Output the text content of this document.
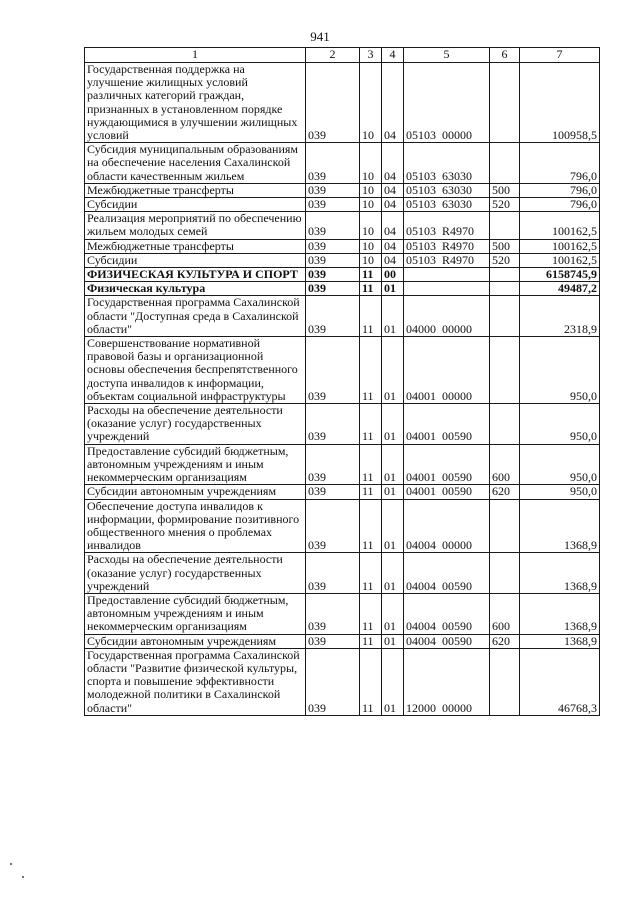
941
1	2	3	4	5	6	7
Государственная поддержка на улучшение жилищных условий различных категорий граждан, признанных в установленном порядке нуждающимися в улучшении жилищных условий	039	10	04	05103  00000		100958,5
Субсидия муниципальным образованиям на обеспечение населения Сахалинской области качественным жильем	039	10	04	05103  63030		796,0
Межбюджетные трансферты	039	10	04	05103  63030	500	796,0
Субсидии	039	10	04	05103  63030	520	796,0
Реализация мероприятий по обеспечению жильем молодых семей	039	10	04	05103  R4970		100162,5
Межбюджетные трансферты	039	10	04	05103  R4970	500	100162,5
Субсидии	039	10	04	05103  R4970	520	100162,5
ФИЗИЧЕСКАЯ КУЛЬТУРА И СПОРТ	039	11	00			6158745,9
Физическая культура	039	11	01			49487,2
Государственная программа Сахалинской области "Доступная среда в Сахалинской области"	039	11	01	04000  00000		2318,9
Совершенствование нормативной правовой базы и организационной основы обеспечения беспрепятственного доступа инвалидов к информации, объектам социальной инфраструктуры	039	11	01	04001  00000		950,0
Расходы на обеспечение деятельности (оказание услуг) государственных учреждений	039	11	01	04001  00590		950,0
Предоставление субсидий бюджетным, автономным учреждениям и иным некоммерческим организациям	039	11	01	04001  00590	600	950,0
Субсидии автономным учреждениям	039	11	01	04001  00590	620	950,0
Обеспечение доступа инвалидов к информации, формирование позитивного общественного мнения о проблемах инвалидов	039	11	01	04004  00000		1368,9
Расходы на обеспечение деятельности (оказание услуг) государственных учреждений	039	11	01	04004  00590		1368,9
Предоставление субсидий бюджетным, автономным учреждениям и иным некоммерческим организациям	039	11	01	04004  00590	600	1368,9
Субсидии автономным учреждениям	039	11	01	04004  00590	620	1368,9
Государственная программа Сахалинской области "Развитие физической культуры, спорта и повышение эффективности молодежной политики в Сахалинской области"	039	11	01	12000  00000		46768,3
